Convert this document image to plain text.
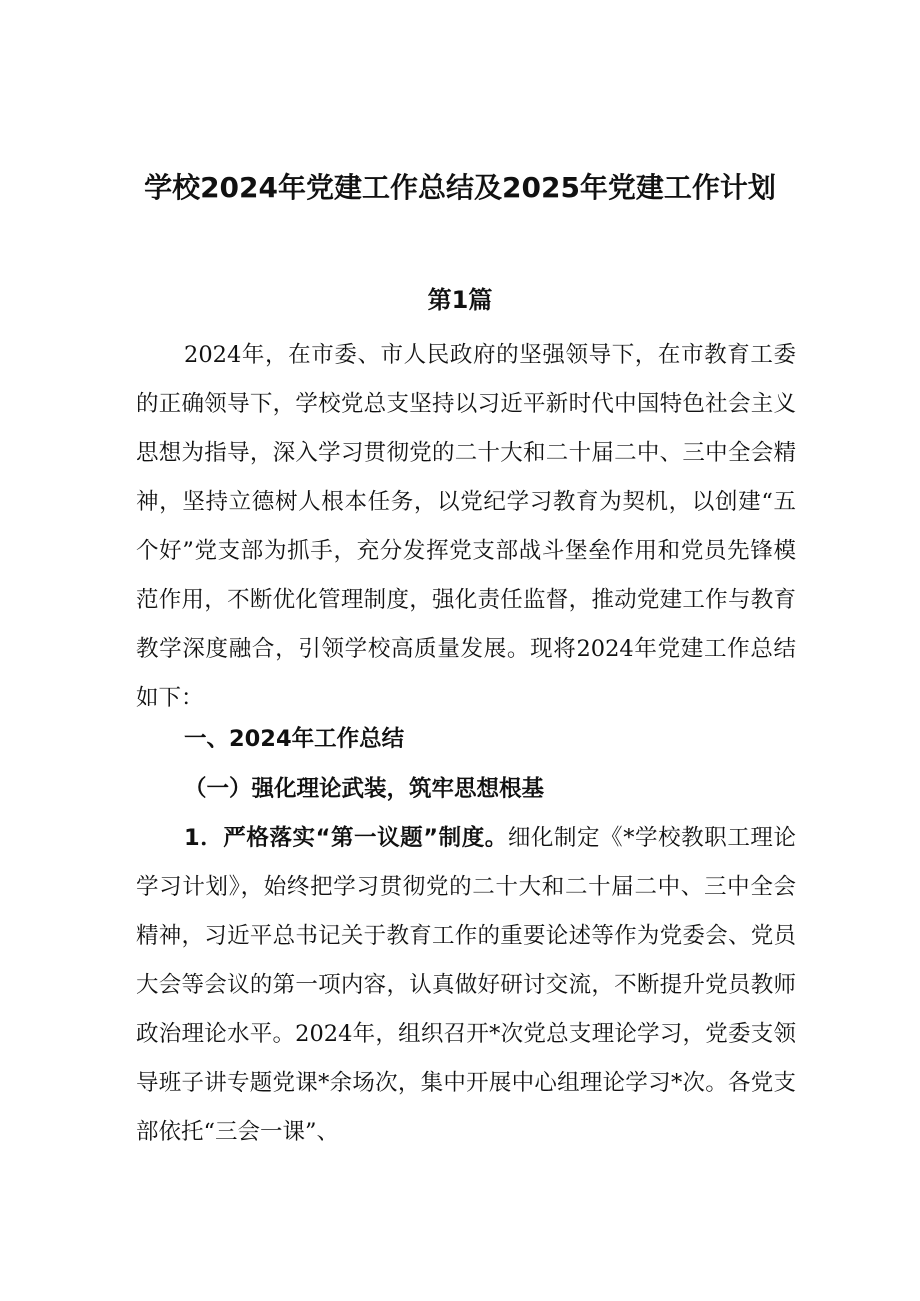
学校2024年党建工作总结及2025年党建工作计划
第1篇

2024年，在市委、市人民政府的坚强领导下，在市教育工委的正确领导下，学校党总支坚持以习近平新时代中国特色社会主义思想为指导，深入学习贯彻党的二十大和二十届二中、三中全会精神，坚持立德树人根本任务，以党纪学习教育为契机，以创建“五个好”党支部为抓手，充分发挥党支部战斗堡垒作用和党员先锋模范作用，不断优化管理制度，强化责任监督，推动党建工作与教育教学深度融合，引领学校高质量发展。现将2024年党建工作总结如下：

一、2024年工作总结

（一）强化理论武装，筑牢思想根基

1．严格落实“第一议题”制度。细化制定《*学校教职工理论学习计划》，始终把学习贯彻党的二十大和二十届二中、三中全会精神，习近平总书记关于教育工作的重要论述等作为党委会、党员大会等会议的第一项内容，认真做好研讨交流，不断提升党员教师政治理论水平。2024年，组织召开*次党总支理论学习，党委支领导班子讲专题党课*余场次，集中开展中心组理论学习*次。各党支部依托“三会一课”、
